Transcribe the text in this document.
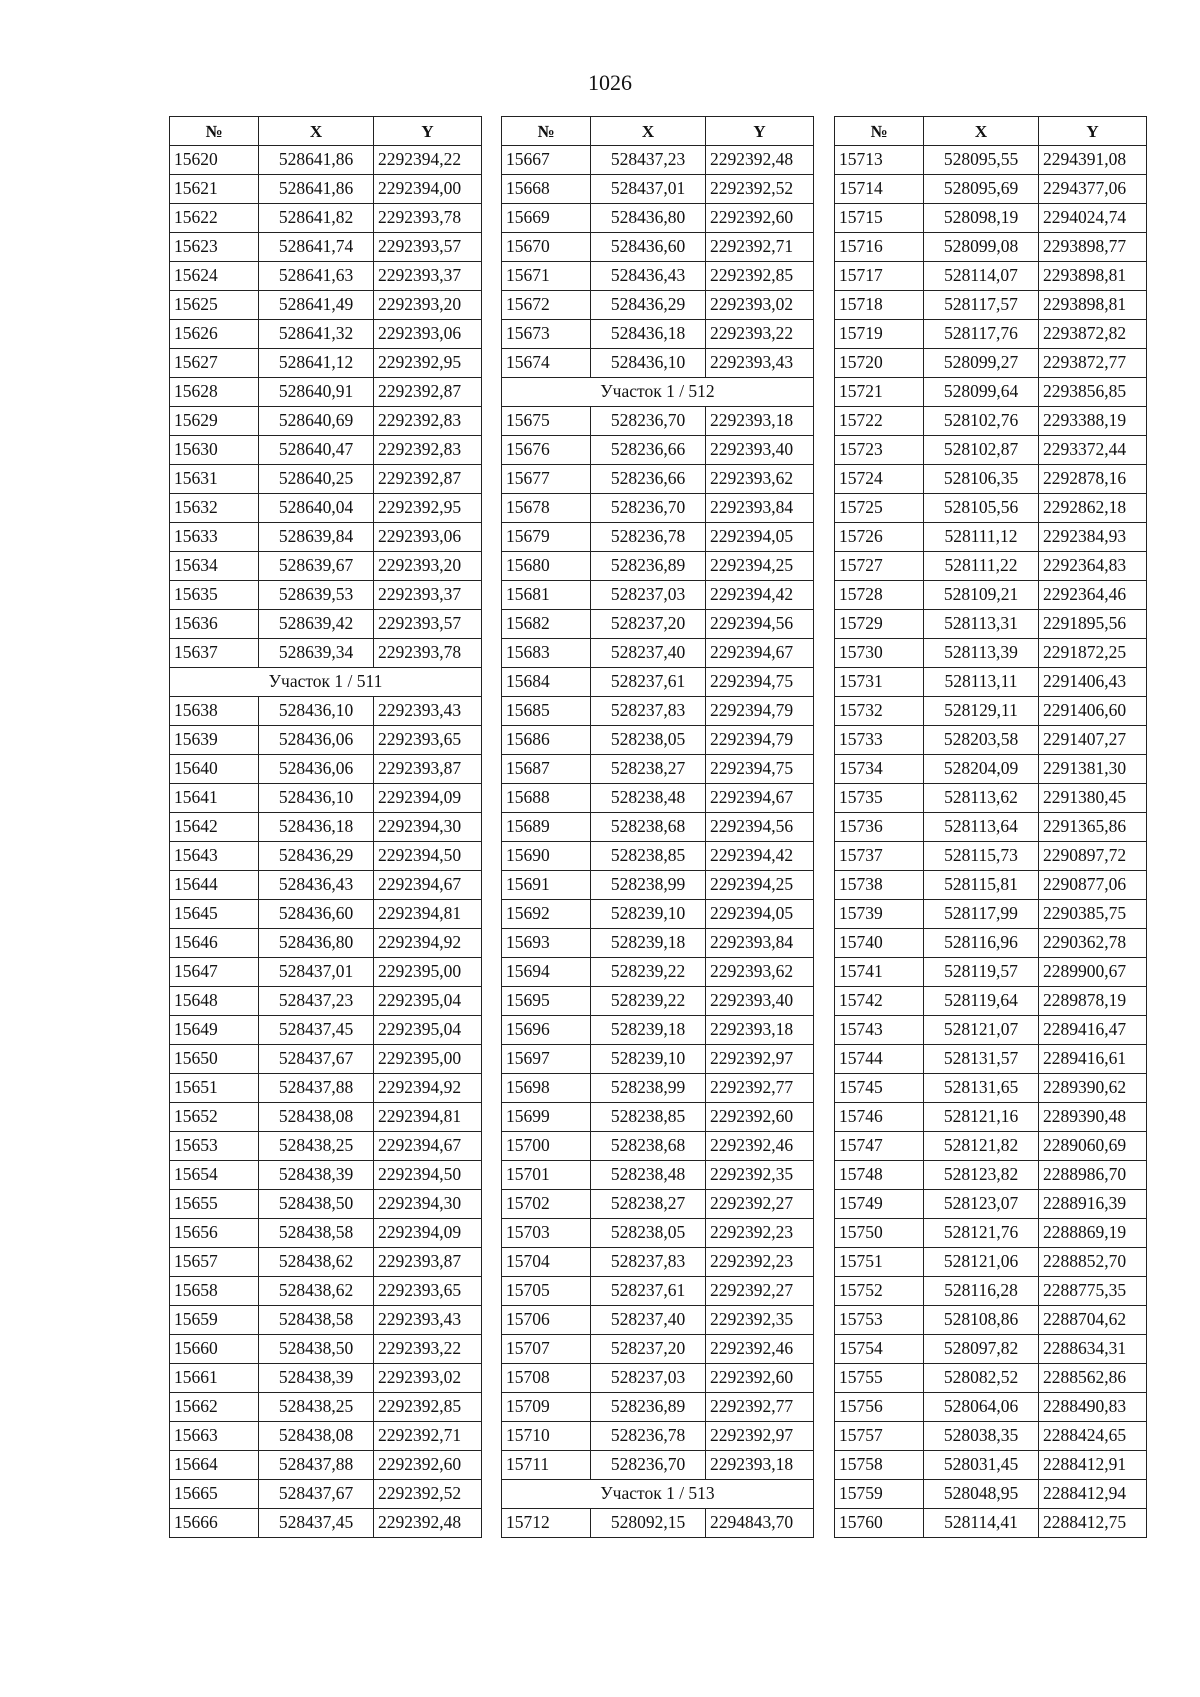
1026
№	X	Y
15620	528641,86	2292394,22
15621	528641,86	2292394,00
15622	528641,82	2292393,78
15623	528641,74	2292393,57
15624	528641,63	2292393,37
15625	528641,49	2292393,20
15626	528641,32	2292393,06
15627	528641,12	2292392,95
15628	528640,91	2292392,87
15629	528640,69	2292392,83
15630	528640,47	2292392,83
15631	528640,25	2292392,87
15632	528640,04	2292392,95
15633	528639,84	2292393,06
15634	528639,67	2292393,20
15635	528639,53	2292393,37
15636	528639,42	2292393,57
15637	528639,34	2292393,78
Участок 1 / 511		
15638	528436,10	2292393,43
15639	528436,06	2292393,65
15640	528436,06	2292393,87
15641	528436,10	2292394,09
15642	528436,18	2292394,30
15643	528436,29	2292394,50
15644	528436,43	2292394,67
15645	528436,60	2292394,81
15646	528436,80	2292394,92
15647	528437,01	2292395,00
15648	528437,23	2292395,04
15649	528437,45	2292395,04
15650	528437,67	2292395,00
15651	528437,88	2292394,92
15652	528438,08	2292394,81
15653	528438,25	2292394,67
15654	528438,39	2292394,50
15655	528438,50	2292394,30
15656	528438,58	2292394,09
15657	528438,62	2292393,87
15658	528438,62	2292393,65
15659	528438,58	2292393,43
15660	528438,50	2292393,22
15661	528438,39	2292393,02
15662	528438,25	2292392,85
15663	528438,08	2292392,71
15664	528437,88	2292392,60
15665	528437,67	2292392,52
15666	528437,45	2292392,48
№	X	Y
15667	528437,23	2292392,48
15668	528437,01	2292392,52
15669	528436,80	2292392,60
15670	528436,60	2292392,71
15671	528436,43	2292392,85
15672	528436,29	2292393,02
15673	528436,18	2292393,22
15674	528436,10	2292393,43
Участок 1 / 512		
15675	528236,70	2292393,18
15676	528236,66	2292393,40
15677	528236,66	2292393,62
15678	528236,70	2292393,84
15679	528236,78	2292394,05
15680	528236,89	2292394,25
15681	528237,03	2292394,42
15682	528237,20	2292394,56
15683	528237,40	2292394,67
15684	528237,61	2292394,75
15685	528237,83	2292394,79
15686	528238,05	2292394,79
15687	528238,27	2292394,75
15688	528238,48	2292394,67
15689	528238,68	2292394,56
15690	528238,85	2292394,42
15691	528238,99	2292394,25
15692	528239,10	2292394,05
15693	528239,18	2292393,84
15694	528239,22	2292393,62
15695	528239,22	2292393,40
15696	528239,18	2292393,18
15697	528239,10	2292392,97
15698	528238,99	2292392,77
15699	528238,85	2292392,60
15700	528238,68	2292392,46
15701	528238,48	2292392,35
15702	528238,27	2292392,27
15703	528238,05	2292392,23
15704	528237,83	2292392,23
15705	528237,61	2292392,27
15706	528237,40	2292392,35
15707	528237,20	2292392,46
15708	528237,03	2292392,60
15709	528236,89	2292392,77
15710	528236,78	2292392,97
15711	528236,70	2292393,18
Участок 1 / 513		
15712	528092,15	2294843,70
№	X	Y
15713	528095,55	2294391,08
15714	528095,69	2294377,06
15715	528098,19	2294024,74
15716	528099,08	2293898,77
15717	528114,07	2293898,81
15718	528117,57	2293898,81
15719	528117,76	2293872,82
15720	528099,27	2293872,77
15721	528099,64	2293856,85
15722	528102,76	2293388,19
15723	528102,87	2293372,44
15724	528106,35	2292878,16
15725	528105,56	2292862,18
15726	528111,12	2292384,93
15727	528111,22	2292364,83
15728	528109,21	2292364,46
15729	528113,31	2291895,56
15730	528113,39	2291872,25
15731	528113,11	2291406,43
15732	528129,11	2291406,60
15733	528203,58	2291407,27
15734	528204,09	2291381,30
15735	528113,62	2291380,45
15736	528113,64	2291365,86
15737	528115,73	2290897,72
15738	528115,81	2290877,06
15739	528117,99	2290385,75
15740	528116,96	2290362,78
15741	528119,57	2289900,67
15742	528119,64	2289878,19
15743	528121,07	2289416,47
15744	528131,57	2289416,61
15745	528131,65	2289390,62
15746	528121,16	2289390,48
15747	528121,82	2289060,69
15748	528123,82	2288986,70
15749	528123,07	2288916,39
15750	528121,76	2288869,19
15751	528121,06	2288852,70
15752	528116,28	2288775,35
15753	528108,86	2288704,62
15754	528097,82	2288634,31
15755	528082,52	2288562,86
15756	528064,06	2288490,83
15757	528038,35	2288424,65
15758	528031,45	2288412,91
15759	528048,95	2288412,94
15760	528114,41	2288412,75
